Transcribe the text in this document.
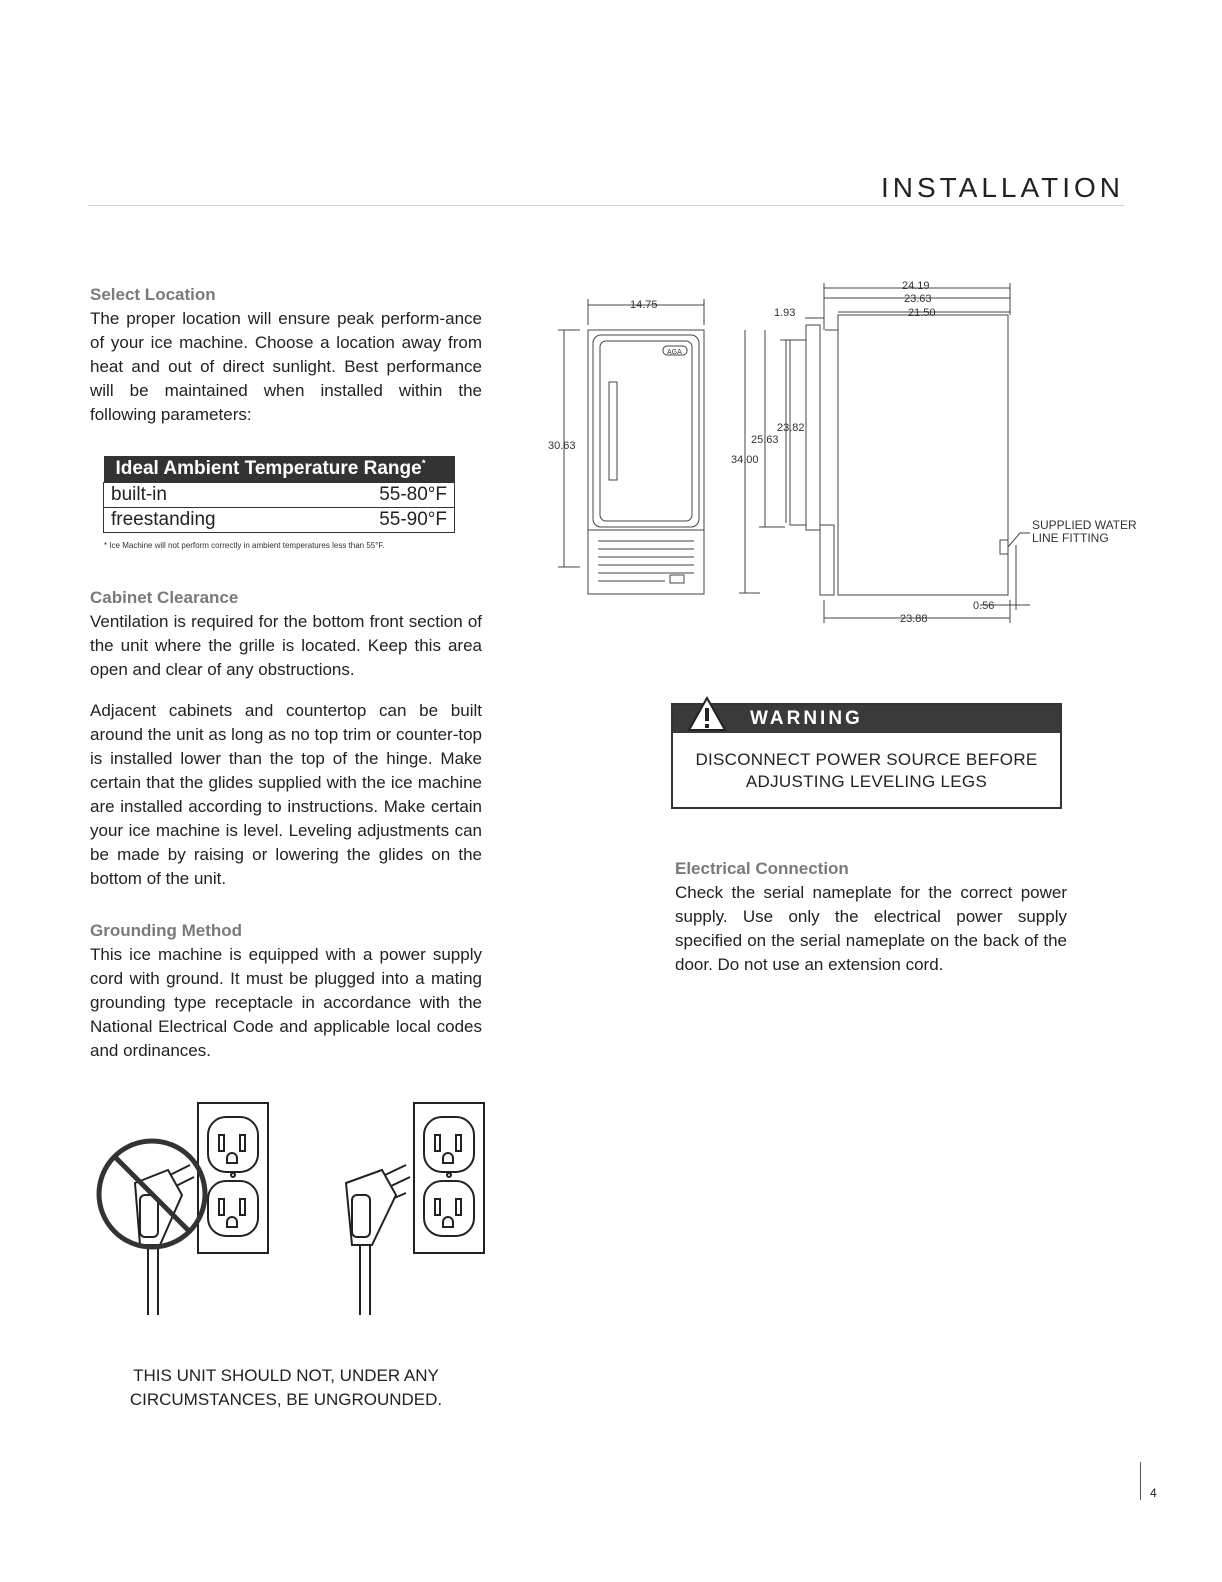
INSTALLATION
Select Location
The proper location will ensure peak perform-ance of your ice machine. Choose a location away from heat and out of direct sunlight. Best performance will be maintained when installed within the following parameters:
Ideal Ambient Temperature Range*
built-in	55-80°F
freestanding	55-90°F
* Ice Machine will not perform correctly in ambient temperatures less than 55°F.
Cabinet Clearance
Ventilation is required for the bottom front section of the unit where the grille is located. Keep this area open and clear of any obstructions.
Adjacent cabinets and countertop can be built around the unit as long as no top trim or counter-top is installed lower than the top of the hinge. Make certain that the glides supplied with the ice machine are installed according to instructions. Make certain your ice machine is level. Leveling adjustments can be made by raising or lowering the glides on the bottom of the unit.
Grounding Method
This ice machine is equipped with a power supply cord with ground. It must be plugged into a mating grounding type receptacle in accordance with the National Electrical Code and applicable local codes and ordinances.
THIS UNIT SHOULD NOT, UNDER ANY CIRCUMSTANCES, BE UNGROUNDED.
AGA
14.75
30.63
24.19
23.63
21.50
1.93
23.82
25.63
34.00
23.88
0.56
SUPPLIED WATER
LINE FITTING
WARNING
DISCONNECT POWER SOURCE BEFORE
ADJUSTING LEVELING LEGS
Electrical Connection
Check the serial nameplate for the correct power supply. Use only the electrical power supply specified on the serial nameplate on the back of the door. Do not use an extension cord.
4
